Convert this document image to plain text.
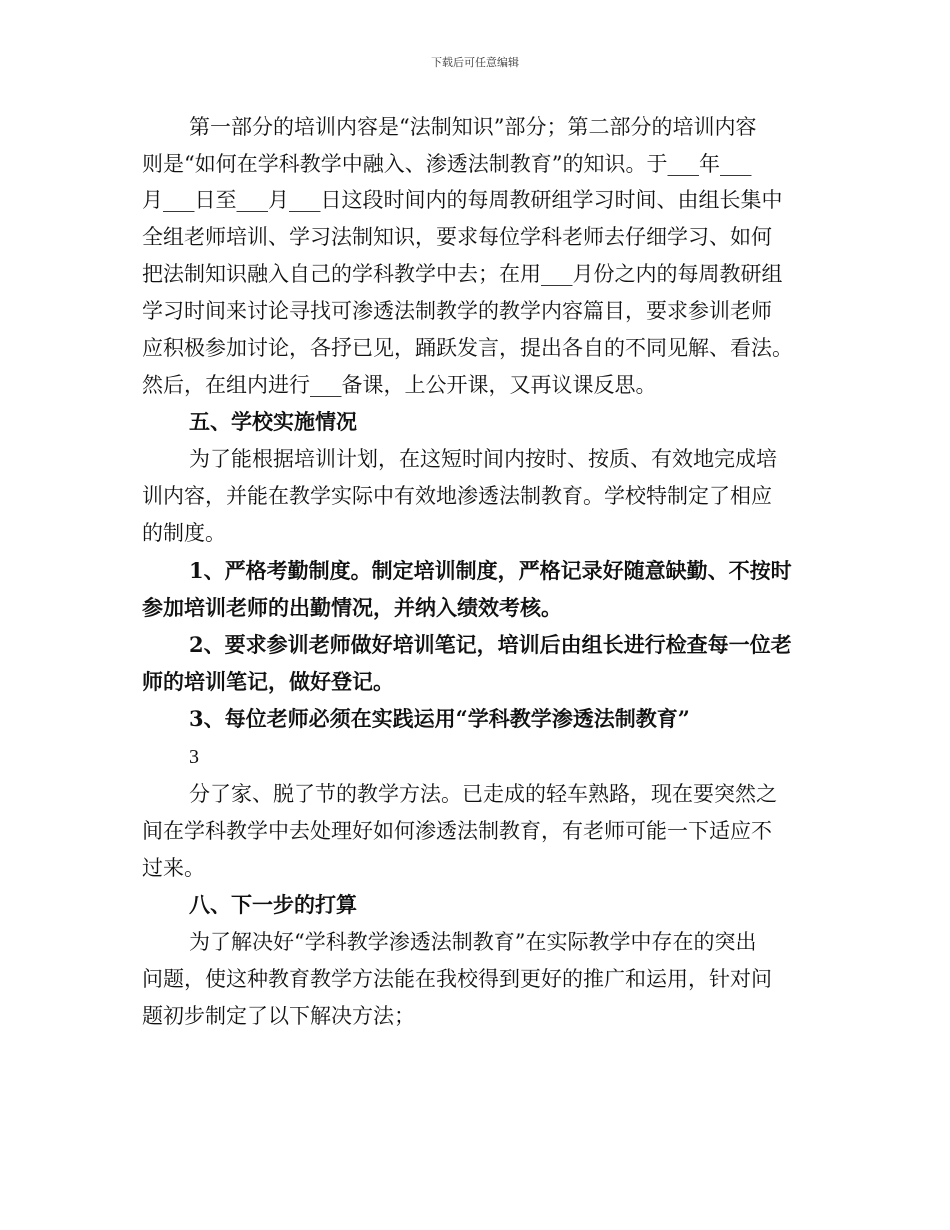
下载后可任意编辑
第一部分的培训内容是“法制知识”部分；第二部分的培训内容
则是“如何在学科教学中融入、渗透法制教育”的知识。于___年___
月___日至___月___日这段时间内的每周教研组学习时间、由组长集中
全组老师培训、学习法制知识，要求每位学科老师去仔细学习、如何
把法制知识融入自己的学科教学中去；在用___月份之内的每周教研组
学习时间来讨论寻找可渗透法制教学的教学内容篇目，要求参训老师
应积极参加讨论，各抒已见，踊跃发言，提出各自的不同见解、看法。
然后，在组内进行___备课，上公开课，又再议课反思。
五、学校实施情况
为了能根据培训计划，在这短时间内按时、按质、有效地完成培
训内容，并能在教学实际中有效地渗透法制教育。学校特制定了相应
的制度。
1、严格考勤制度。制定培训制度，严格记录好随意缺勤、不按时
参加培训老师的出勤情况，并纳入绩效考核。
2、要求参训老师做好培训笔记，培训后由组长进行检查每一位老
师的培训笔记，做好登记。
3、每位老师必须在实践运用“学科教学渗透法制教育”
3
分了家、脱了节的教学方法。已走成的轻车熟路，现在要突然之
间在学科教学中去处理好如何渗透法制教育，有老师可能一下适应不
过来。
八、下一步的打算
为了解决好“学科教学渗透法制教育”在实际教学中存在的突出
问题，使这种教育教学方法能在我校得到更好的推广和运用，针对问
题初步制定了以下解决方法；
